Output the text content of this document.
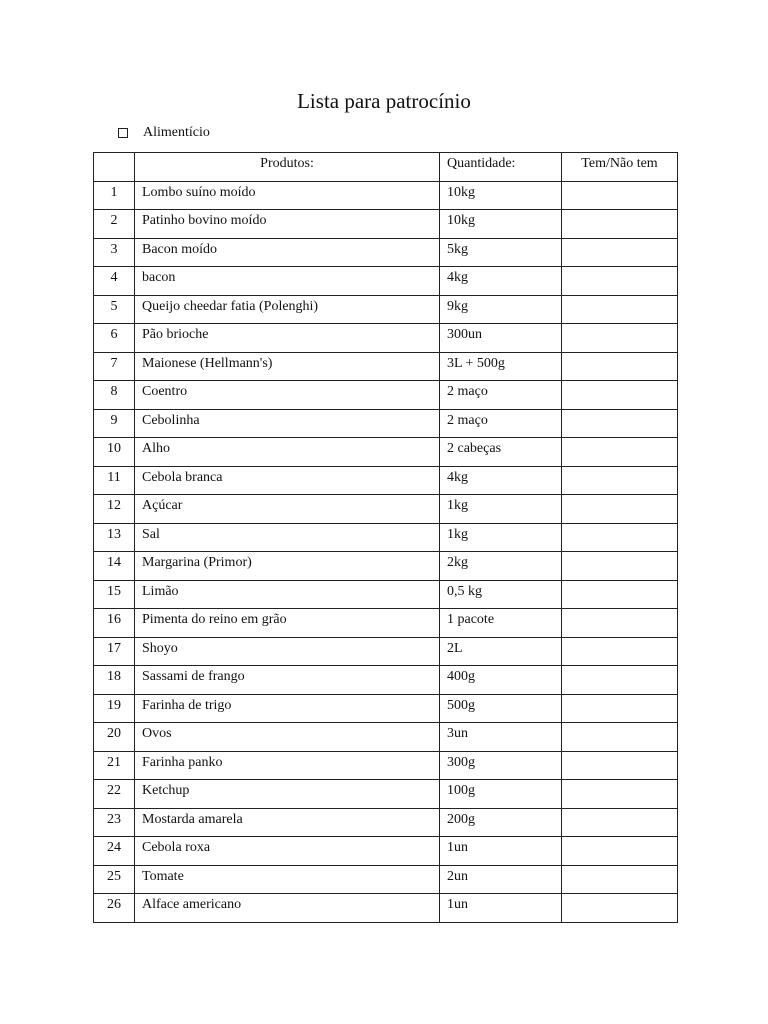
Lista para patrocínio
Alimentício
	Produtos:	Quantidade:	Tem/Não tem
1	Lombo suíno moído	10kg	
2	Patinho bovino moído	10kg	
3	Bacon moído	5kg	
4	bacon	4kg	
5	Queijo cheedar fatia (Polenghi)	9kg	
6	Pão brioche	300un	
7	Maionese (Hellmann's)	3L + 500g	
8	Coentro	2 maço	
9	Cebolinha	2 maço	
10	Alho	2 cabeças	
11	Cebola branca	4kg	
12	Açúcar	1kg	
13	Sal	1kg	
14	Margarina (Primor)	2kg	
15	Limão	0,5 kg	
16	Pimenta do reino em grão	1 pacote	
17	Shoyo	2L	
18	Sassami de frango	400g	
19	Farinha de trigo	500g	
20	Ovos	3un	
21	Farinha panko	300g	
22	Ketchup	100g	
23	Mostarda amarela	200g	
24	Cebola roxa	1un	
25	Tomate	2un	
26	Alface americano	1un	
